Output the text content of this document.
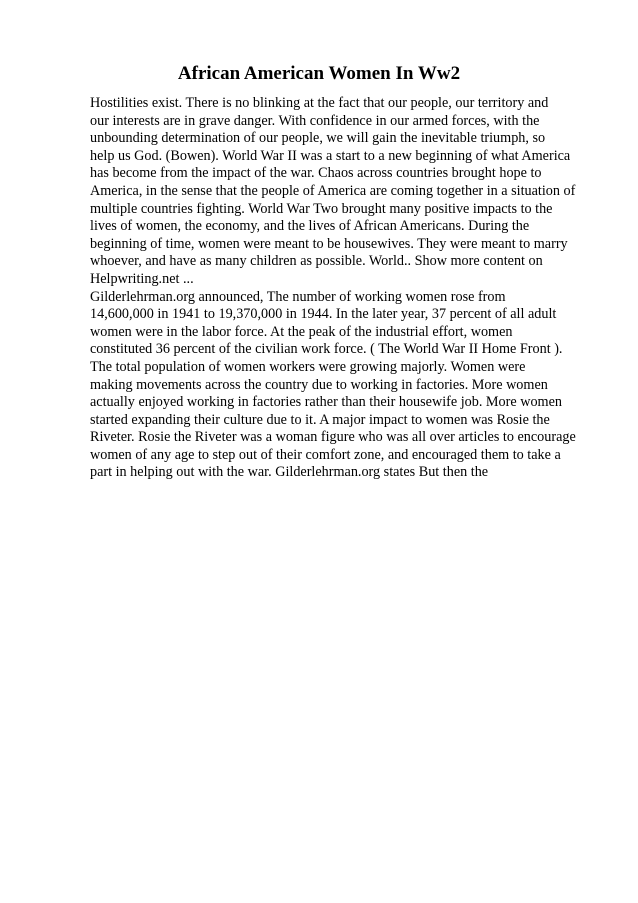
African American Women In Ww2
Hostilities exist. There is no blinking at the fact that our people, our territory and
our interests are in grave danger. With confidence in our armed forces, with the
unbounding determination of our people, we will gain the inevitable triumph, so
help us God. (Bowen). World War II was a start to a new beginning of what America
has become from the impact of the war. Chaos across countries brought hope to
America, in the sense that the people of America are coming together in a situation of
multiple countries fighting. World War Two brought many positive impacts to the
lives of women, the economy, and the lives of African Americans. During the
beginning of time, women were meant to be housewives. They were meant to marry
whoever, and have as many children as possible. World.. Show more content on
Helpwriting.net ...
Gilderlehrman.org announced, The number of working women rose from
14,600,000 in 1941 to 19,370,000 in 1944. In the later year, 37 percent of all adult
women were in the labor force. At the peak of the industrial effort, women
constituted 36 percent of the civilian work force. ( The World War II Home Front ).
The total population of women workers were growing majorly. Women were
making movements across the country due to working in factories. More women
actually enjoyed working in factories rather than their housewife job. More women
started expanding their culture due to it. A major impact to women was Rosie the
Riveter. Rosie the Riveter was a woman figure who was all over articles to encourage
women of any age to step out of their comfort zone, and encouraged them to take a
part in helping out with the war. Gilderlehrman.org states But then the
